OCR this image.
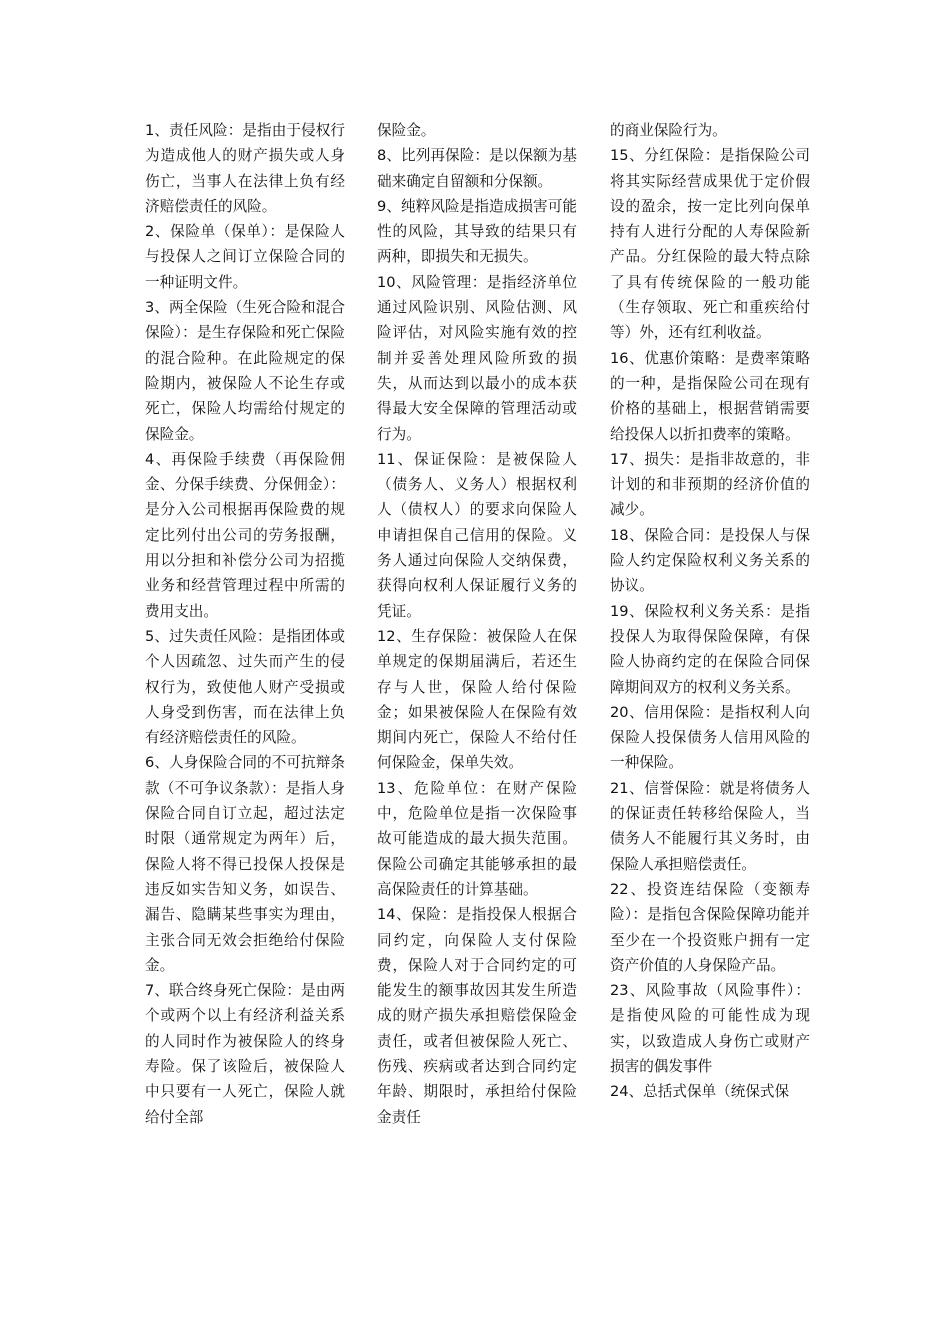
1、责任风险：是指由于侵权行为造成他人的财产损失或人身伤亡，当事人在法律上负有经济赔偿责任的风险。

2、保险单（保单）：是保险人与投保人之间订立保险合同的一种证明文件。

3、两全保险（生死合险和混合保险）：是生存保险和死亡保险的混合险种。在此险规定的保险期内，被保险人不论生存或死亡，保险人均需给付规定的保险金。

4、再保险手续费（再保险佣金、分保手续费、分保佣金）：是分入公司根据再保险费的规定比列付出公司的劳务报酬，用以分担和补偿分公司为招揽业务和经营管理过程中所需的费用支出。

5、过失责任风险：是指团体或个人因疏忽、过失而产生的侵权行为，致使他人财产受损或人身受到伤害，而在法律上负有经济赔偿责任的风险。

6、人身保险合同的不可抗辩条款（不可争议条款）：是指人身保险合同自订立起，超过法定时限（通常规定为两年）后，保险人将不得已投保人投保是违反如实告知义务，如误告、漏告、隐瞒某些事实为理由，主张合同无效会拒绝给付保险金。

7、联合终身死亡保险：是由两个或两个以上有经济利益关系的人同时作为被保险人的终身寿险。保了该险后，被保险人中只要有一人死亡，保险人就给付全部

保险金。

8、比列再保险：是以保额为基础来确定自留额和分保额。

9、纯粹风险是指造成损害可能性的风险，其导致的结果只有两种，即损失和无损失。

10、风险管理：是指经济单位通过风险识别、风险估测、风险评估，对风险实施有效的控制并妥善处理风险所致的损失，从而达到以最小的成本获得最大安全保障的管理活动或行为。

11、保证保险：是被保险人（债务人、义务人）根据权利人（债权人）的要求向保险人申请担保自己信用的保险。义务人通过向保险人交纳保费，获得向权利人保证履行义务的凭证。

12、生存保险：被保险人在保单规定的保期届满后，若还生存与人世，保险人给付保险金；如果被保险人在保险有效期间内死亡，保险人不给付任何保险金，保单失效。

13、危险单位：在财产保险中，危险单位是指一次保险事故可能造成的最大损失范围。保险公司确定其能够承担的最高保险责任的计算基础。

14、保险：是指投保人根据合同约定，向保险人支付保险费，保险人对于合同约定的可能发生的额事故因其发生所造成的财产损失承担赔偿保险金责任，或者但被保险人死亡、伤残、疾病或者达到合同约定年龄、期限时，承担给付保险金责任

的商业保险行为。

15、分红保险：是指保险公司将其实际经营成果优于定价假设的盈余，按一定比列向保单持有人进行分配的人寿保险新产品。分红保险的最大特点除了具有传统保险的一般功能（生存领取、死亡和重疾给付等）外，还有红利收益。

16、优惠价策略：是费率策略的一种，是指保险公司在现有价格的基础上，根据营销需要给投保人以折扣费率的策略。

17、损失：是指非故意的，非计划的和非预期的经济价值的减少。

18、保险合同：是投保人与保险人约定保险权利义务关系的协议。

19、保险权利义务关系：是指投保人为取得保险保障，有保险人协商约定的在保险合同保障期间双方的权利义务关系。

20、信用保险：是指权利人向保险人投保债务人信用风险的一种保险。

21、信誉保险：就是将债务人的保证责任转移给保险人，当债务人不能履行其义务时，由保险人承担赔偿责任。

22、投资连结保险（变额寿险）：是指包含保险保障功能并至少在一个投资账户拥有一定资产价值的人身保险产品。

23、风险事故（风险事件）：是指使风险的可能性成为现实，以致造成人身伤亡或财产损害的偶发事件

24、总括式保单（统保式保
